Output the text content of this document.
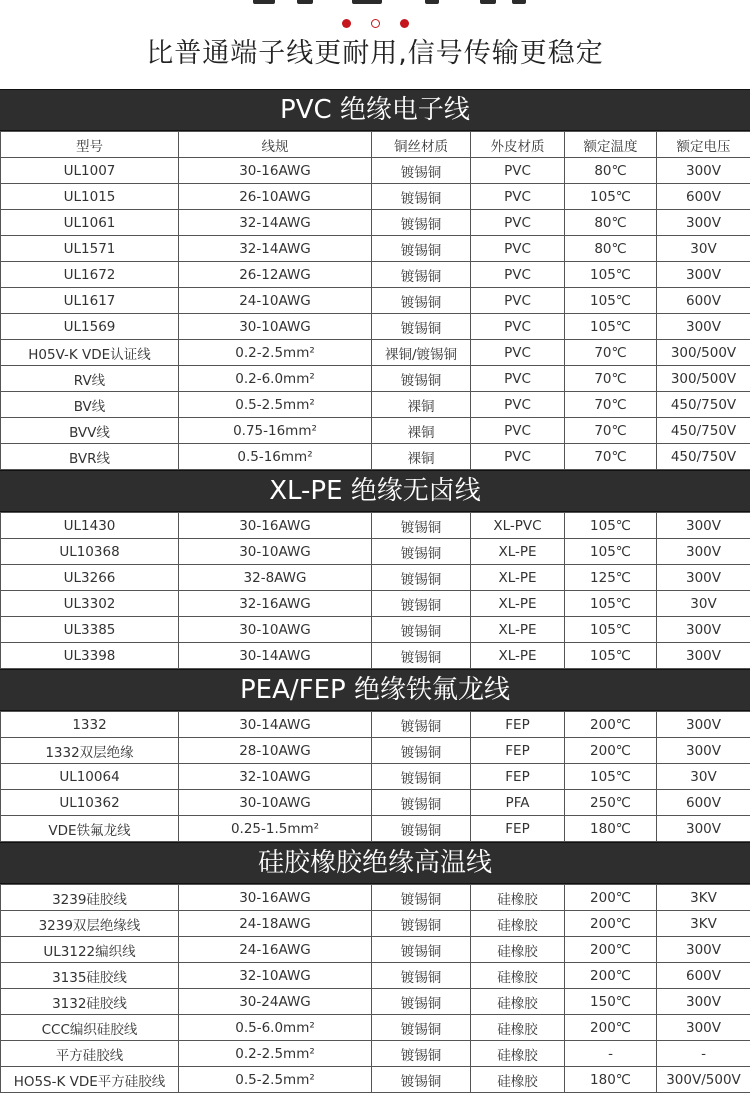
比普通端子线更耐用,信号传输更稳定
PVC 绝缘电子线
型号	线规	铜丝材质	外皮材质	额定温度	额定电压
UL1007	30-16AWG	镀锡铜	PVC	80℃	300V
UL1015	26-10AWG	镀锡铜	PVC	105℃	600V
UL1061	32-14AWG	镀锡铜	PVC	80℃	300V
UL1571	32-14AWG	镀锡铜	PVC	80℃	30V
UL1672	26-12AWG	镀锡铜	PVC	105℃	300V
UL1617	24-10AWG	镀锡铜	PVC	105℃	600V
UL1569	30-10AWG	镀锡铜	PVC	105℃	300V
H05V-K VDE认证线	0.2-2.5mm²	裸铜/镀锡铜	PVC	70℃	300/500V
RV线	0.2-6.0mm²	镀锡铜	PVC	70℃	300/500V
BV线	0.5-2.5mm²	裸铜	PVC	70℃	450/750V
BVV线	0.75-16mm²	裸铜	PVC	70℃	450/750V
BVR线	0.5-16mm²	裸铜	PVC	70℃	450/750V
XL-PE 绝缘无卤线
UL1430	30-16AWG	镀锡铜	XL-PVC	105℃	300V
UL10368	30-10AWG	镀锡铜	XL-PE	105℃	300V
UL3266	32-8AWG	镀锡铜	XL-PE	125℃	300V
UL3302	32-16AWG	镀锡铜	XL-PE	105℃	30V
UL3385	30-10AWG	镀锡铜	XL-PE	105℃	300V
UL3398	30-14AWG	镀锡铜	XL-PE	105℃	300V
PEA/FEP 绝缘铁氟龙线
1332	30-14AWG	镀锡铜	FEP	200℃	300V
1332双层绝缘	28-10AWG	镀锡铜	FEP	200℃	300V
UL10064	32-10AWG	镀锡铜	FEP	105℃	30V
UL10362	30-10AWG	镀锡铜	PFA	250℃	600V
VDE铁氟龙线	0.25-1.5mm²	镀锡铜	FEP	180℃	300V
硅胶橡胶绝缘高温线
3239硅胶线	30-16AWG	镀锡铜	硅橡胶	200℃	3KV
3239双层绝缘线	24-18AWG	镀锡铜	硅橡胶	200℃	3KV
UL3122编织线	24-16AWG	镀锡铜	硅橡胶	200℃	300V
3135硅胶线	32-10AWG	镀锡铜	硅橡胶	200℃	600V
3132硅胶线	30-24AWG	镀锡铜	硅橡胶	150℃	300V
CCC编织硅胶线	0.5-6.0mm²	镀锡铜	硅橡胶	200℃	300V
平方硅胶线	0.2-2.5mm²	镀锡铜	硅橡胶	-	-
HO5S-K VDE平方硅胶线	0.5-2.5mm²	镀锡铜	硅橡胶	180℃	300V/500V
